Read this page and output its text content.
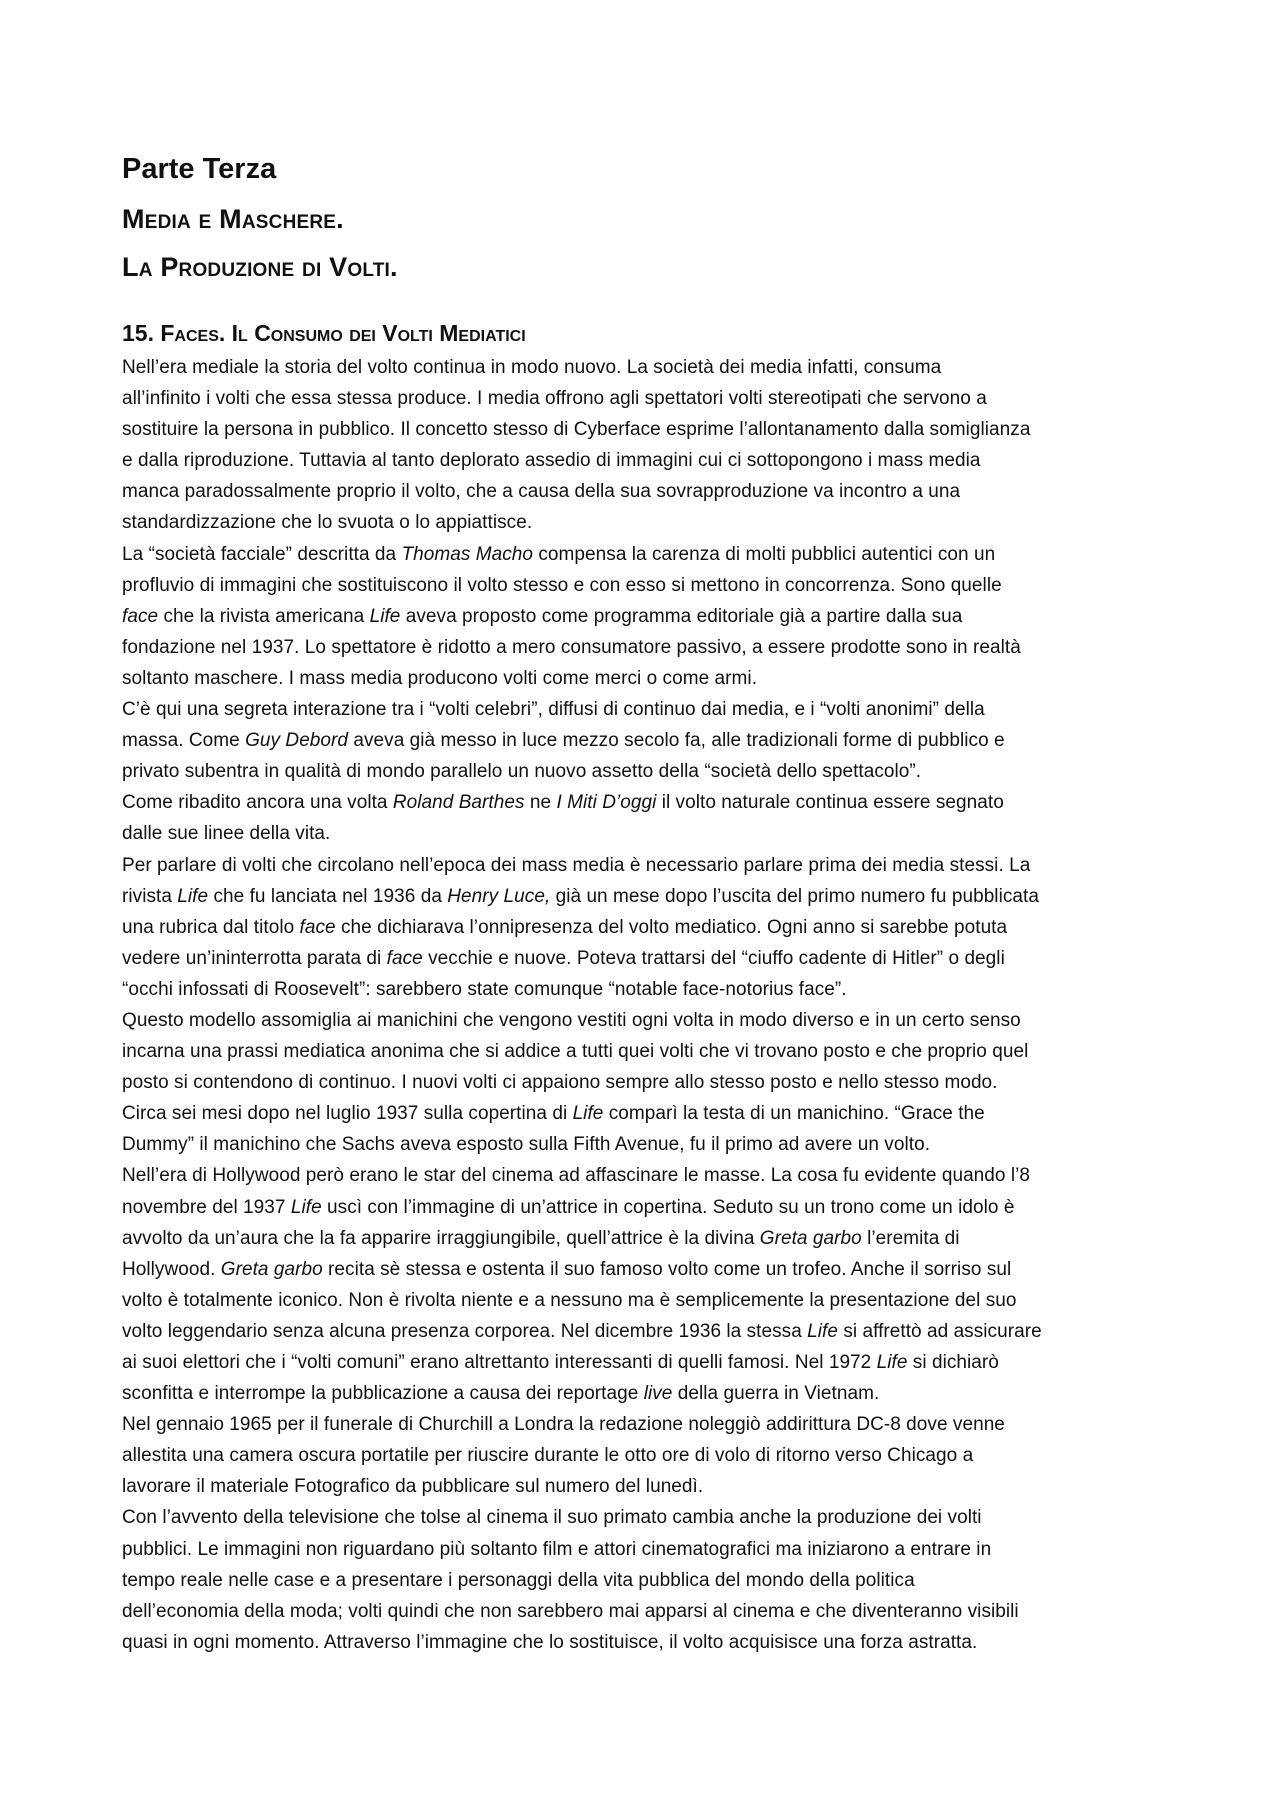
Parte Terza
Media e Maschere.
La Produzione di Volti.
15. Faces. Il Consumo dei Volti Mediatici

Nell’era mediale la storia del volto continua in modo nuovo. La società dei media infatti, consuma
all’infinito i volti che essa stessa produce. I media offrono agli spettatori volti stereotipati che servono a
sostituire la persona in pubblico. Il concetto stesso di Cyberface esprime l’allontanamento dalla somiglianza
e dalla riproduzione. Tuttavia al tanto deplorato assedio di immagini cui ci sottopongono i mass media
manca paradossalmente proprio il volto, che a causa della sua sovrapproduzione va incontro a una
standardizzazione che lo svuota o lo appiattisce.

La “società facciale” descritta da Thomas Macho compensa la carenza di molti pubblici autentici con un
profluvio di immagini che sostituiscono il volto stesso e con esso si mettono in concorrenza. Sono quelle
face che la rivista americana Life aveva proposto come programma editoriale già a partire dalla sua
fondazione nel 1937. Lo spettatore è ridotto a mero consumatore passivo, a essere prodotte sono in realtà
soltanto maschere. I mass media producono volti come merci o come armi.

C’è qui una segreta interazione tra i “volti celebri”, diffusi di continuo dai media, e i “volti anonimi” della
massa. Come Guy Debord aveva già messo in luce mezzo secolo fa, alle tradizionali forme di pubblico e
privato subentra in qualità di mondo parallelo un nuovo assetto della “società dello spettacolo”.

Come ribadito ancora una volta Roland Barthes ne I Miti D’oggi il volto naturale continua essere segnato
dalle sue linee della vita.

Per parlare di volti che circolano nell’epoca dei mass media è necessario parlare prima dei media stessi. La
rivista Life che fu lanciata nel 1936 da Henry Luce, già un mese dopo l’uscita del primo numero fu pubblicata
una rubrica dal titolo face che dichiarava l’onnipresenza del volto mediatico. Ogni anno si sarebbe potuta
vedere un’ininterrotta parata di face vecchie e nuove. Poteva trattarsi del “ciuffo cadente di Hitler” o degli
“occhi infossati di Roosevelt”: sarebbero state comunque “notable face-notorius face”.

Questo modello assomiglia ai manichini che vengono vestiti ogni volta in modo diverso e in un certo senso
incarna una prassi mediatica anonima che si addice a tutti quei volti che vi trovano posto e che proprio quel
posto si contendono di continuo. I nuovi volti ci appaiono sempre allo stesso posto e nello stesso modo.
Circa sei mesi dopo nel luglio 1937 sulla copertina di Life comparì la testa di un manichino. “Grace the
Dummy” il manichino che Sachs aveva esposto sulla Fifth Avenue, fu il primo ad avere un volto.

Nell’era di Hollywood però erano le star del cinema ad affascinare le masse. La cosa fu evidente quando l’8
novembre del 1937 Life uscì con l’immagine di un’attrice in copertina. Seduto su un trono come un idolo è
avvolto da un’aura che la fa apparire irraggiungibile, quell’attrice è la divina Greta garbo l’eremita di
Hollywood. Greta garbo recita sè stessa e ostenta il suo famoso volto come un trofeo. Anche il sorriso sul
volto è totalmente iconico. Non è rivolta niente e a nessuno ma è semplicemente la presentazione del suo
volto leggendario senza alcuna presenza corporea. Nel dicembre 1936 la stessa Life si affrettò ad assicurare
ai suoi elettori che i “volti comuni” erano altrettanto interessanti di quelli famosi. Nel 1972 Life si dichiarò
sconfitta e interrompe la pubblicazione a causa dei reportage live della guerra in Vietnam.

Nel gennaio 1965 per il funerale di Churchill a Londra la redazione noleggiò addirittura DC-8 dove venne
allestita una camera oscura portatile per riuscire durante le otto ore di volo di ritorno verso Chicago a
lavorare il materiale Fotografico da pubblicare sul numero del lunedì.

Con l’avvento della televisione che tolse al cinema il suo primato cambia anche la produzione dei volti
pubblici. Le immagini non riguardano più soltanto film e attori cinematografici ma iniziarono a entrare in
tempo reale nelle case e a presentare i personaggi della vita pubblica del mondo della politica
dell’economia della moda; volti quindi che non sarebbero mai apparsi al cinema e che diventeranno visibili
quasi in ogni momento. Attraverso l’immagine che lo sostituisce, il volto acquisisce una forza astratta.
